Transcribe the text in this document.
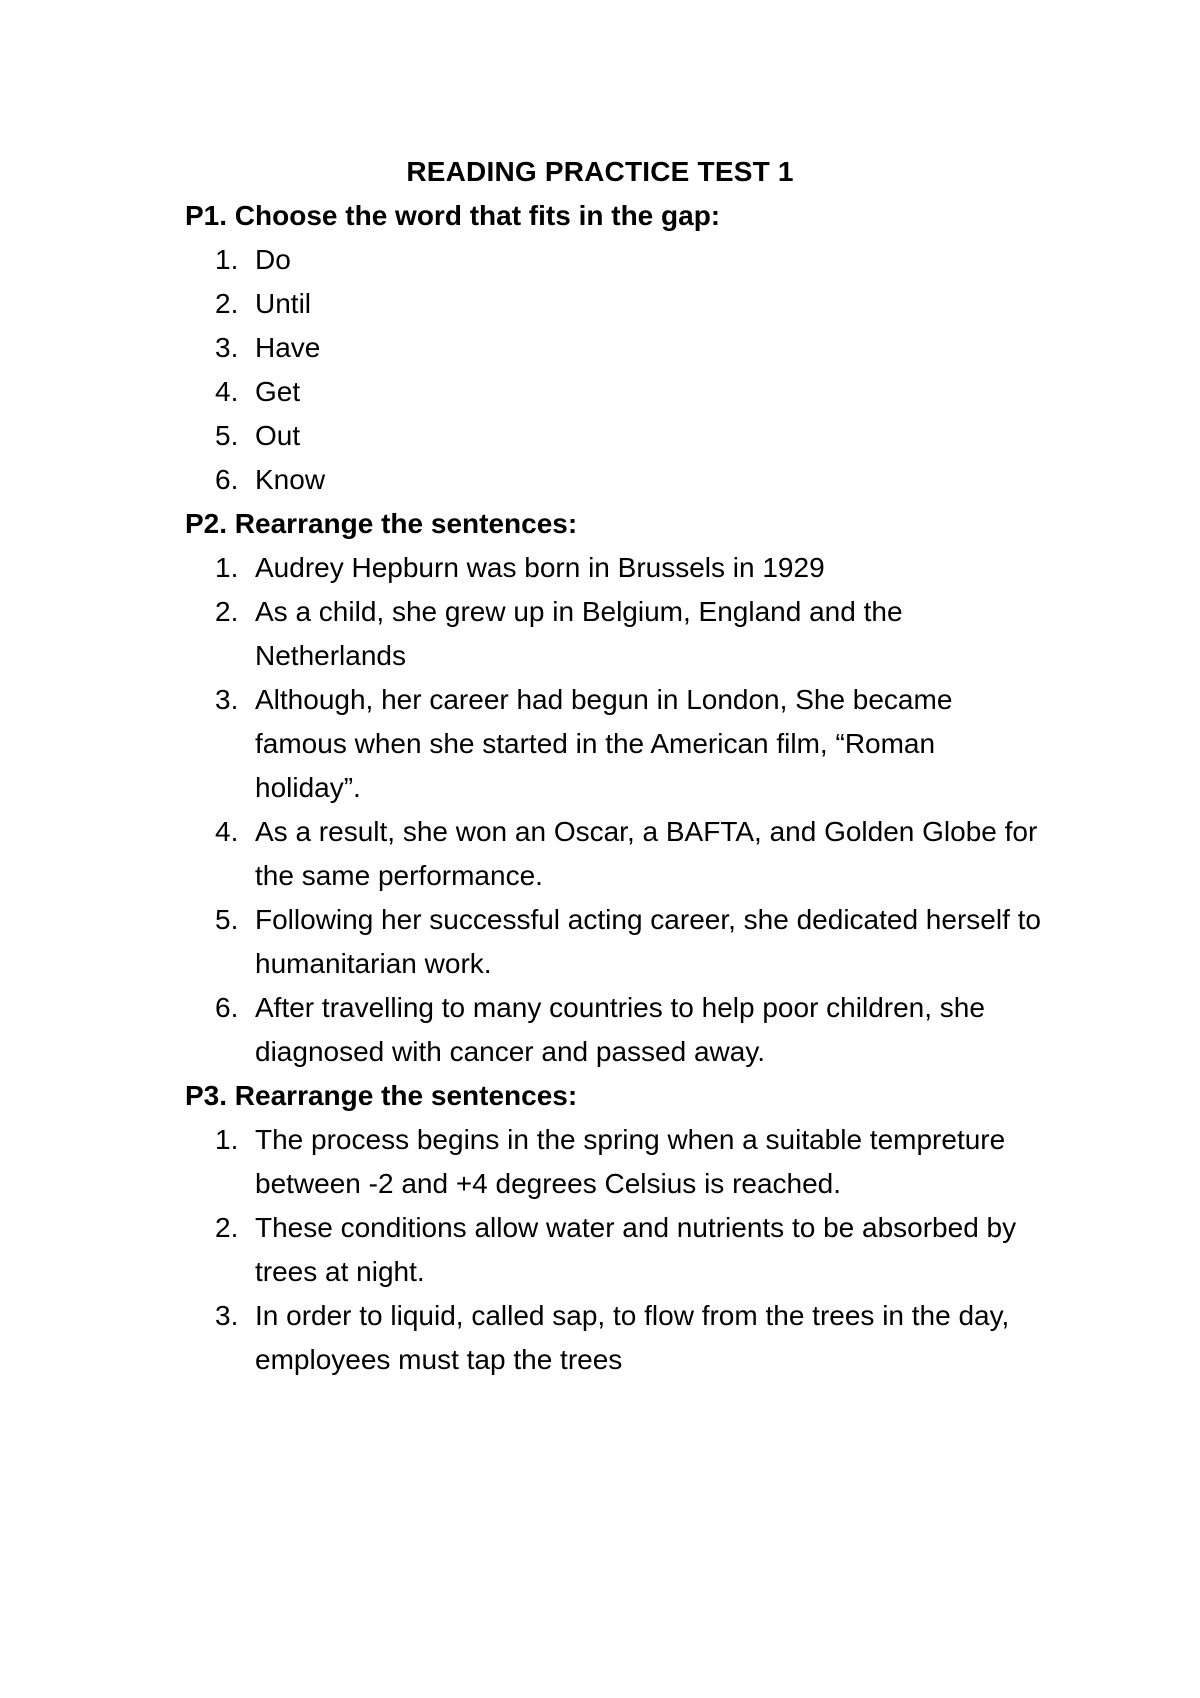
READING PRACTICE TEST 1

P1. Choose the word that fits in the gap:

1. Do
2. Until
3. Have
4. Get
5. Out
6. Know

P2. Rearrange the sentences:

1. Audrey Hepburn was born in Brussels in 1929
2. As a child, she grew up in Belgium, England and the Netherlands
3. Although, her career had begun in London, She became famous when she started in the American film, “Roman holiday”.
4. As a result, she won an Oscar, a BAFTA, and Golden Globe for the same performance.
5. Following her successful acting career, she dedicated herself to humanitarian work.
6. After travelling to many countries to help poor children, she diagnosed with cancer and passed away.

P3. Rearrange the sentences:

1. The process begins in the spring when a suitable tempreture between -2 and +4 degrees Celsius is reached.
2. These conditions allow water and nutrients to be absorbed by trees at night.
3. In order to liquid, called sap, to flow from the trees in the day, employees must tap the trees
